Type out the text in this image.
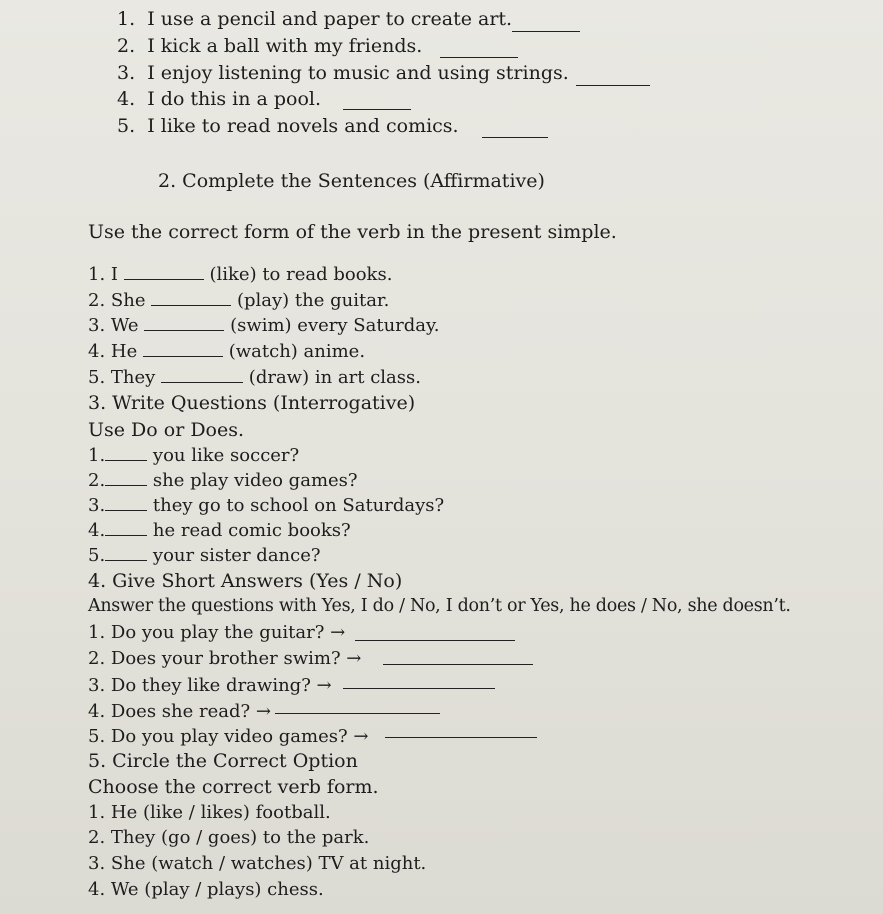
1. I use a pencil and paper to create art.
2. I kick a ball with my friends.
3. I enjoy listening to music and using strings.
4. I do this in a pool.
5. I like to read novels and comics.
2. Complete the Sentences (Affirmative)
Use the correct form of the verb in the present simple.
1. I	(like) to read books.
2. She	(play) the guitar.
3. We	(swim) every Saturday.
4. He	(watch) anime.
5. They	(draw) in art class.
3. Write Questions (Interrogative)
Use Do or Does.
1.	you like soccer?
2.	she play video games?
3.	they go to school on Saturdays?
4.	he read comic books?
5.	your sister dance?
4. Give Short Answers (Yes / No)
Answer the questions with Yes, I do / No, I don’t or Yes, he does / No, she doesn’t.
1. Do you play the guitar? →
2. Does your brother swim? →
3. Do they like drawing? →
4. Does she read? →
5. Do you play video games? →
5. Circle the Correct Option
Choose the correct verb form.
1. He (like / likes) football.
2. They (go / goes) to the park.
3. She (watch / watches) TV at night.
4. We (play / plays) chess.
